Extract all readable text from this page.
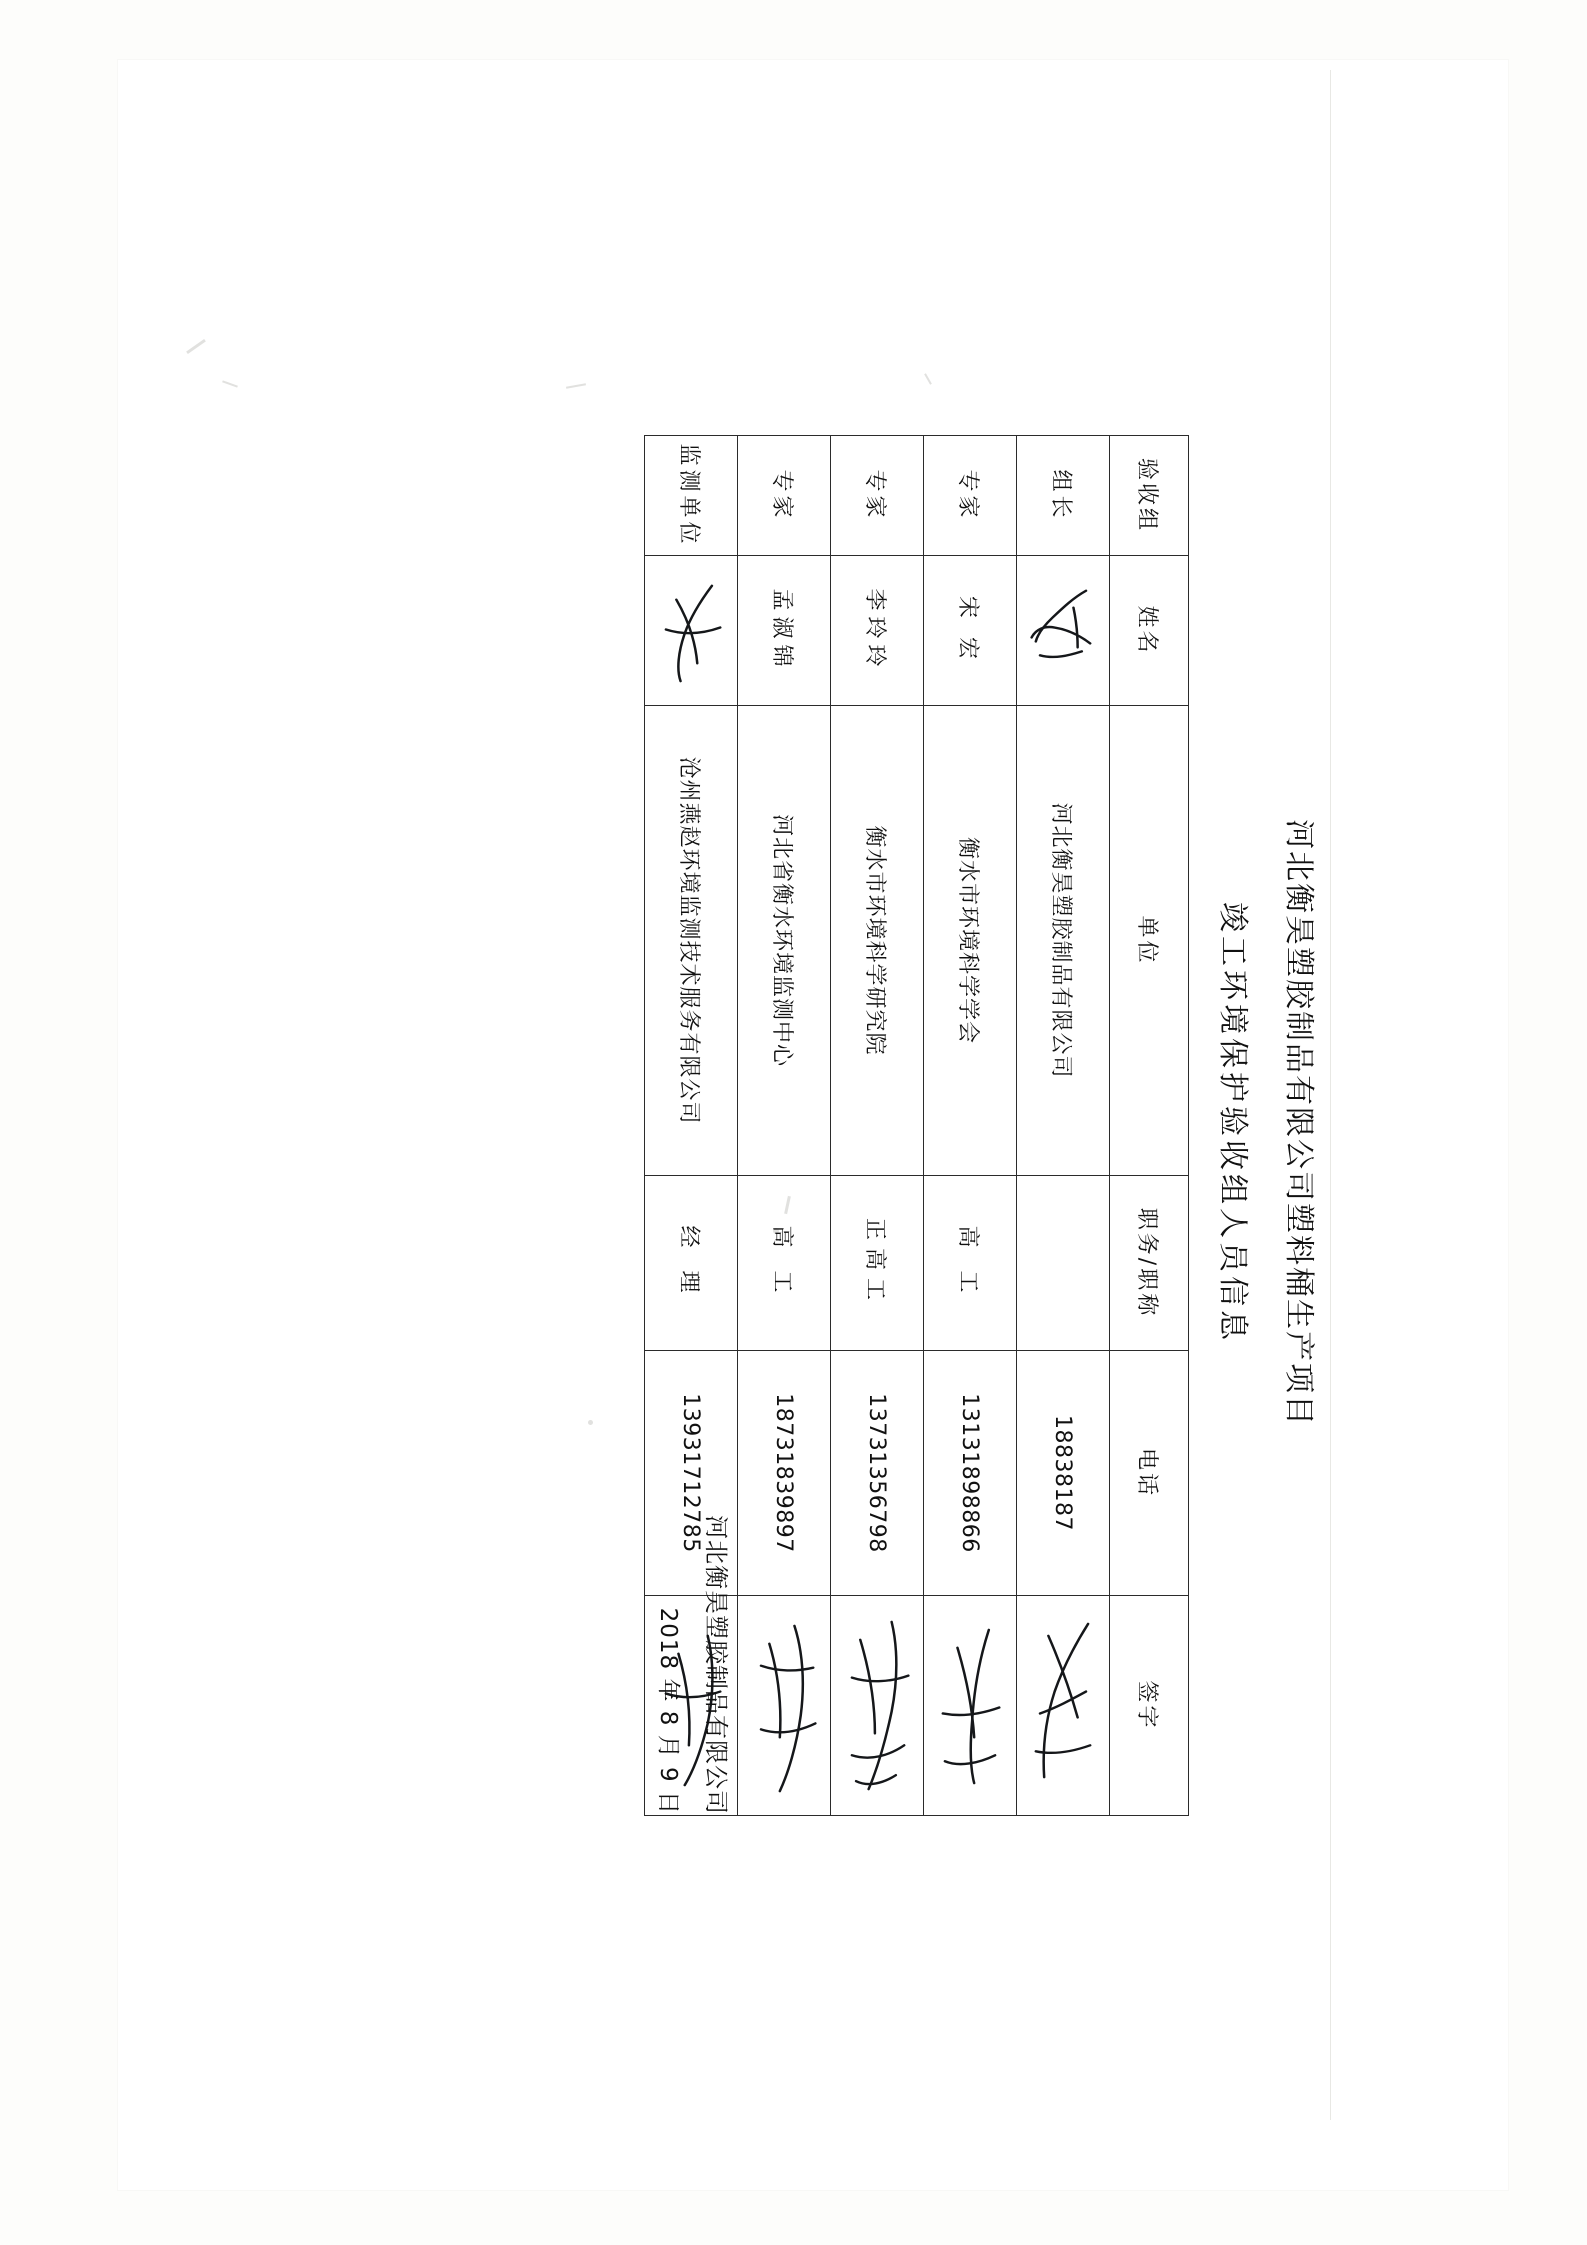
河北衡昊塑胶制品有限公司塑料桶生产项目
竣工环境保护验收组人员信息
验收组	姓名	单位	职务/职称	电话	签字
组长		河北衡昊塑胶制品有限公司		18838187	

专家	宋 宏	衡水市环境科学学会	高 工	13131898866	

专家	李玲玲	衡水市环境科学研究院	正高工	13731356798	

专家	孟淑锦	河北省衡水环境监测中心	高 工	18731839897	

监测单位		沧州燕赵环境监测技术服务有限公司	经 理	13931712785	
河北衡昊塑胶制品有限公司
2018 年 8 月 9 日
